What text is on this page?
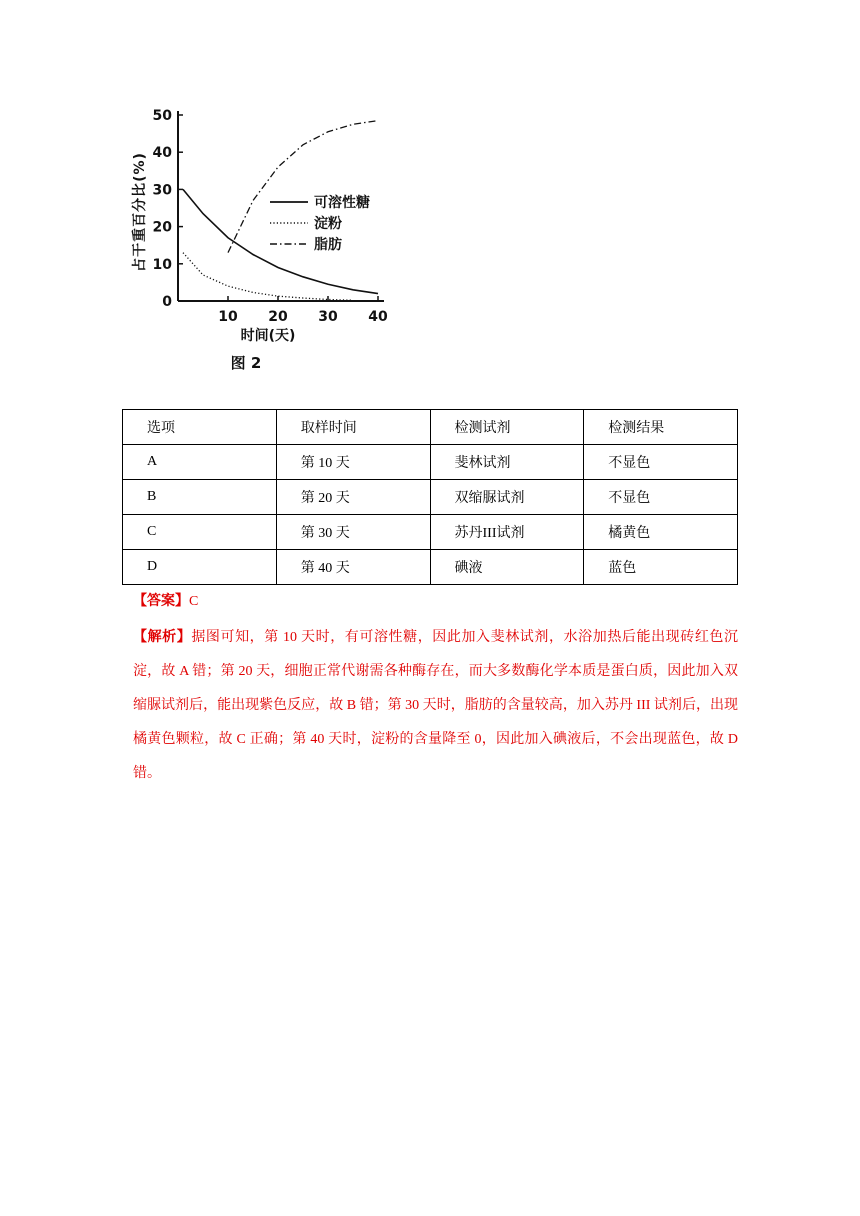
0
10
20
30
40
50
10 20 30 40
可溶性糖
淀粉
脂肪
占干重百分比(%)
时间(天)
图 2
选项	取样时间	检测试剂	检测结果
A	第 10 天	斐林试剂	不显色
B	第 20 天	双缩脲试剂	不显色
C	第 30 天	苏丹III试剂	橘黄色
D	第 40 天	碘液	蓝色
【答案】C
【解析】据图可知，第 10 天时，有可溶性糖，因此加入斐林试剂，水浴加热后能出现砖红色沉淀，故 A 错；第 20 天，细胞正常代谢需各种酶存在，而大多数酶化学本质是蛋白质，因此加入双缩脲试剂后，能出现紫色反应，故 B 错；第 30 天时，脂肪的含量较高，加入苏丹 III 试剂后，出现橘黄色颗粒，故 C 正确；第 40 天时，淀粉的含量降至 0，因此加入碘液后，不会出现蓝色，故 D 错。
